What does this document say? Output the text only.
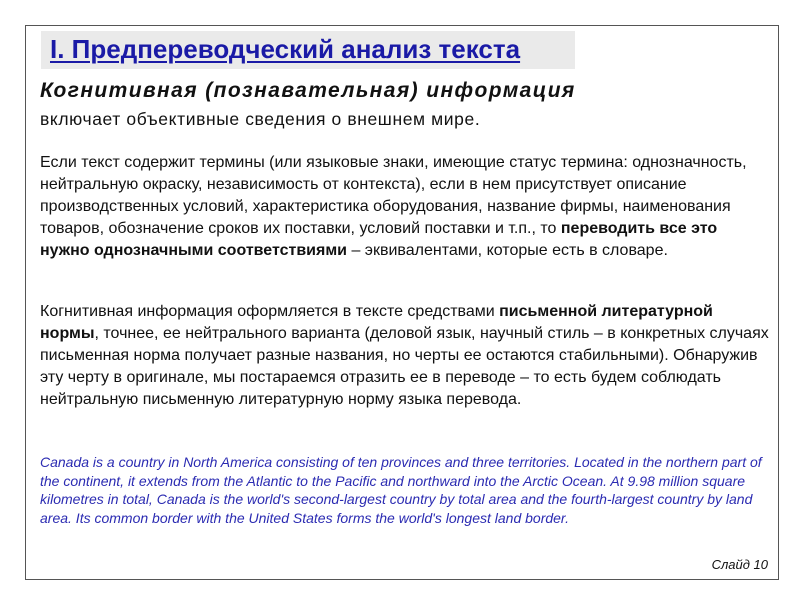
I. Предпереводческий анализ текста
Когнитивная (познавательная) информация
включает объективные сведения о внешнем мире.
Если текст содержит термины (или языковые знаки, имеющие статус термина: однозначность, нейтральную окраску, независимость от контекста), если в нем присутствует описание производственных условий, характеристика оборудования, название фирмы, наименования товаров, обозначение сроков их поставки, условий поставки и т.п., то переводить все это нужно однозначными соответствиями – эквивалентами, которые есть в словаре.
Когнитивная информация оформляется в тексте средствами письменной литературной нормы, точнее, ее нейтрального варианта (деловой язык, научный стиль – в конкретных случаях письменная норма получает разные названия, но черты ее остаются стабильными). Обнаружив эту черту в оригинале, мы постараемся отразить ее в переводе – то есть будем соблюдать нейтральную письменную литературную норму языка перевода.
Canada is a country in North America consisting of ten provinces and three territories. Located in the northern part of the continent, it extends from the Atlantic to the Pacific and northward into the Arctic Ocean. At 9.98 million square kilometres in total, Canada is the world's second-largest country by total area and the fourth-largest country by land area. Its common border with the United States forms the world's longest land border.
Слайд 10
